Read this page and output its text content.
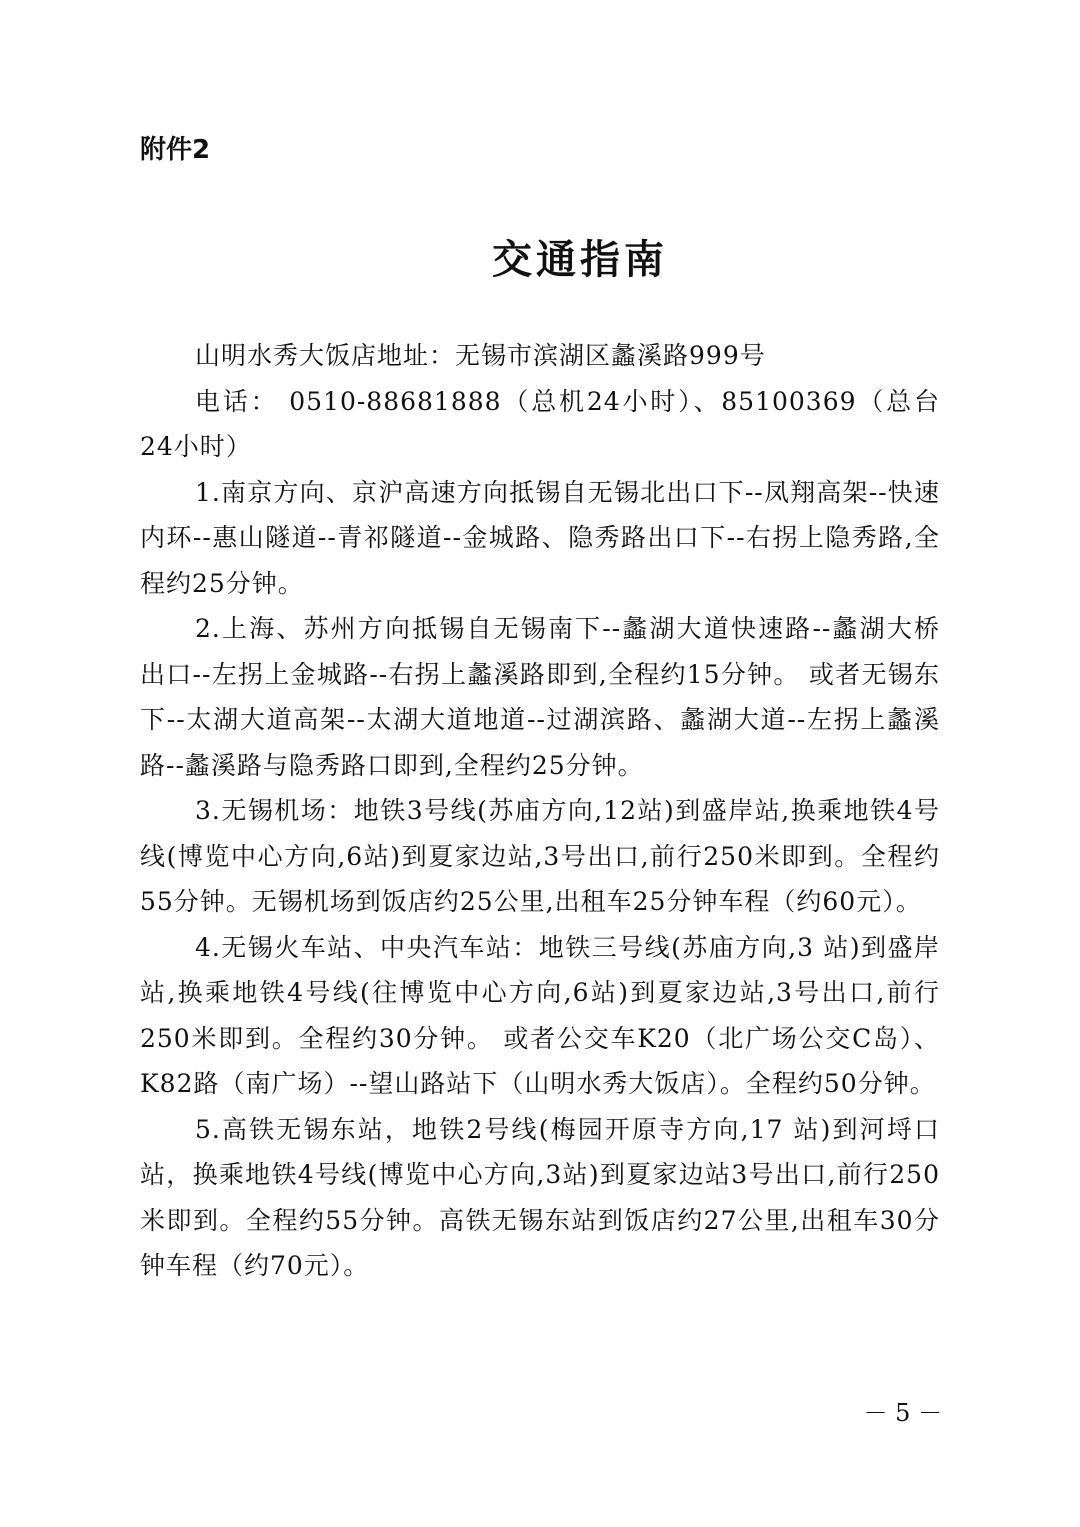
附件2
交通指南

山明水秀大饭店地址：无锡市滨湖区蠡溪路999号

电话： 0510-88681888（总机24小时）、85100369（总台24小时）

1.南京方向、京沪高速方向抵锡自无锡北出口下--凤翔高架--快速内环--惠山隧道--青祁隧道--金城路、隐秀路出口下--右拐上隐秀路,全程约25分钟。

2.上海、苏州方向抵锡自无锡南下--蠡湖大道快速路--蠡湖大桥 出口--左拐上金城路--右拐上蠡溪路即到,全程约15分钟。 或者无锡东下--太湖大道高架--太湖大道地道--过湖滨路、蠡湖大道--左拐上蠡溪路--蠡溪路与隐秀路口即到,全程约25分钟。

3.无锡机场：地铁3号线(苏庙方向,12站)到盛岸站,换乘地铁4号线(博览中心方向,6站)到夏家边站,3号出口,前行250米即到。全程约55分钟。无锡机场到饭店约25公里,出租车25分钟车程（约60元）。

4.无锡火车站、中央汽车站：地铁三号线(苏庙方向,3 站)到盛岸站,换乘地铁4号线(往博览中心方向,6站)到夏家边站,3号出口,前行250米即到。全程约30分钟。 或者公交车K20（北广场公交C岛）、K82路（南广场）--望山路站下（山明水秀大饭店）。全程约50分钟。

5.高铁无锡东站，地铁2号线(梅园开原寺方向,17 站)到河埒口站，换乘地铁4号线(博览中心方向,3站)到夏家边站3号出口,前行250米即到。全程约55分钟。高铁无锡东站到饭店约27公里,出租车30分钟车程（约70元）。

－ 5 －
